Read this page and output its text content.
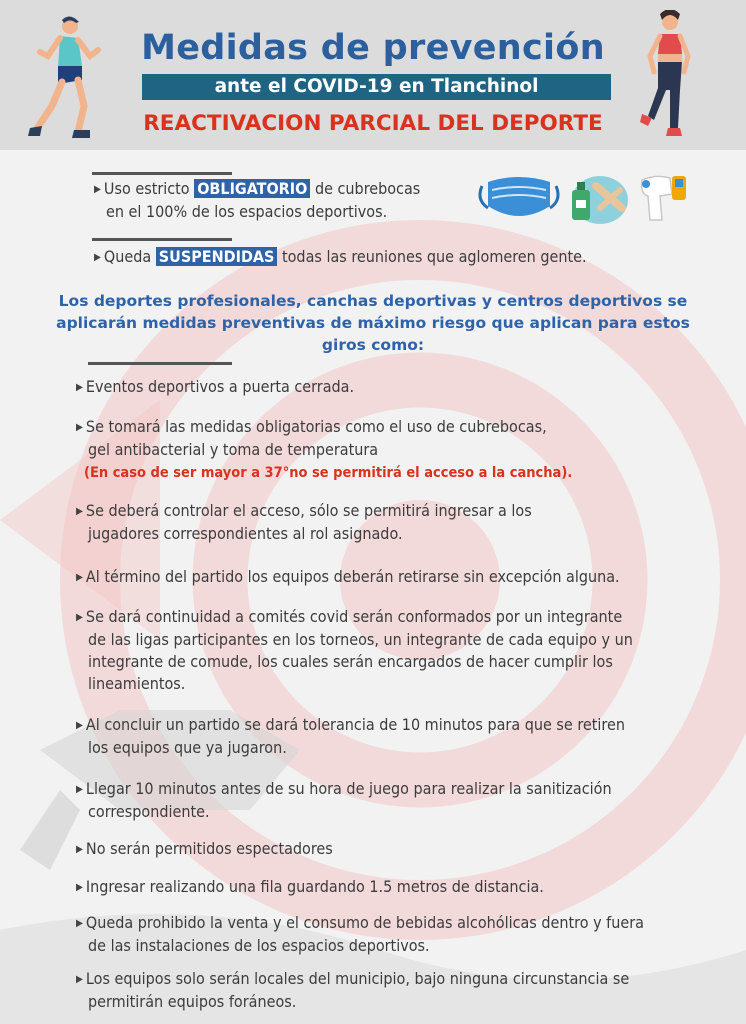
Medidas de prevención
ante el COVID-19 en Tlanchinol
REACTIVACION PARCIAL DEL DEPORTE
▶ Uso estricto OBLIGATORIO de cubrebocas
en el 100% de los espacios deportivos.
▶ Queda SUSPENDIDAS todas las reuniones que aglomeren gente.
Los deportes profesionales, canchas deportivas y centros deportivos se aplicarán medidas preventivas de máximo riesgo que aplican para estos giros como:
▶ Eventos deportivos a puerta cerrada.
▶ Se tomará las medidas obligatorias como el uso de cubrebocas,
gel antibacterial y toma de temperatura
(En caso de ser mayor a 37°no se permitirá el acceso a la cancha).
▶ Se deberá controlar el acceso, sólo se permitirá ingresar a los
jugadores correspondientes al rol asignado.
▶ Al término del partido los equipos deberán retirarse sin excepción alguna.
▶ Se dará continuidad a comités covid serán conformados por un integrante
de las ligas participantes en los torneos, un integrante de cada equipo y un
integrante de comude, los cuales serán encargados de hacer cumplir los
lineamientos.
▶ Al concluir un partido se dará tolerancia de 10 minutos para que se retiren
los equipos que ya jugaron.
▶ Llegar 10 minutos antes de su hora de juego para realizar la sanitización
correspondiente.
▶ No serán permitidos espectadores
▶ Ingresar realizando una fila guardando 1.5 metros de distancia.
▶ Queda prohibido la venta y el consumo de bebidas alcohólicas dentro y fuera
de las instalaciones de los espacios deportivos.
▶ Los equipos solo serán locales del municipio, bajo ninguna circunstancia se
permitirán equipos foráneos.
